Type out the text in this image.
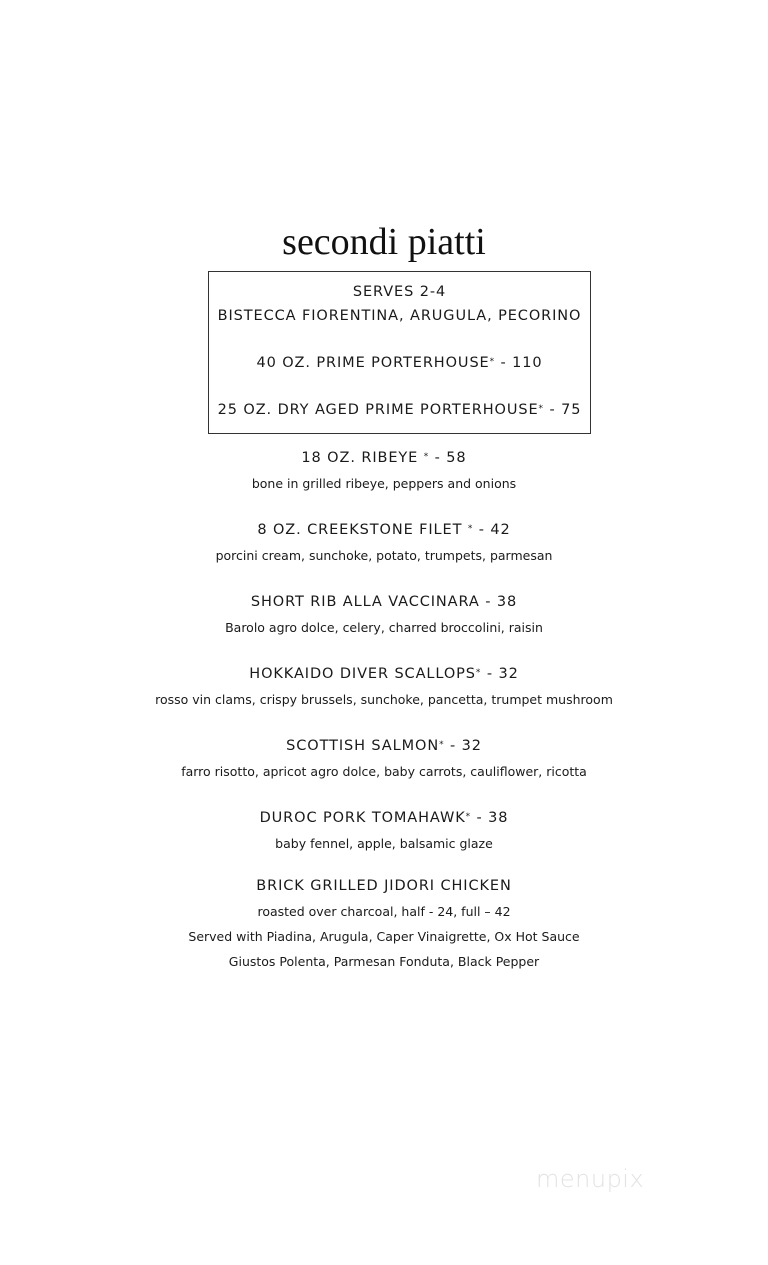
secondi piatti
SERVES 2-4
BISTECCA FIORENTINA, ARUGULA, PECORINO
40 OZ. PRIME PORTERHOUSE* - 110
25 OZ. DRY AGED PRIME PORTERHOUSE* - 75
18 OZ. RIBEYE * - 58
bone in grilled ribeye, peppers and onions
8 OZ. CREEKSTONE FILET * - 42
porcini cream, sunchoke, potato, trumpets, parmesan
SHORT RIB ALLA VACCINARA - 38
Barolo agro dolce, celery, charred broccolini, raisin
HOKKAIDO DIVER SCALLOPS* - 32
rosso vin clams, crispy brussels, sunchoke, pancetta, trumpet mushroom
SCOTTISH SALMON* - 32
farro risotto, apricot agro dolce, baby carrots, cauliflower, ricotta
DUROC PORK TOMAHAWK* - 38
baby fennel, apple, balsamic glaze
BRICK GRILLED JIDORI CHICKEN
roasted over charcoal, half - 24, full – 42
Served with Piadina, Arugula, Caper Vinaigrette, Ox Hot Sauce
Giustos Polenta, Parmesan Fonduta, Black Pepper
menupix
